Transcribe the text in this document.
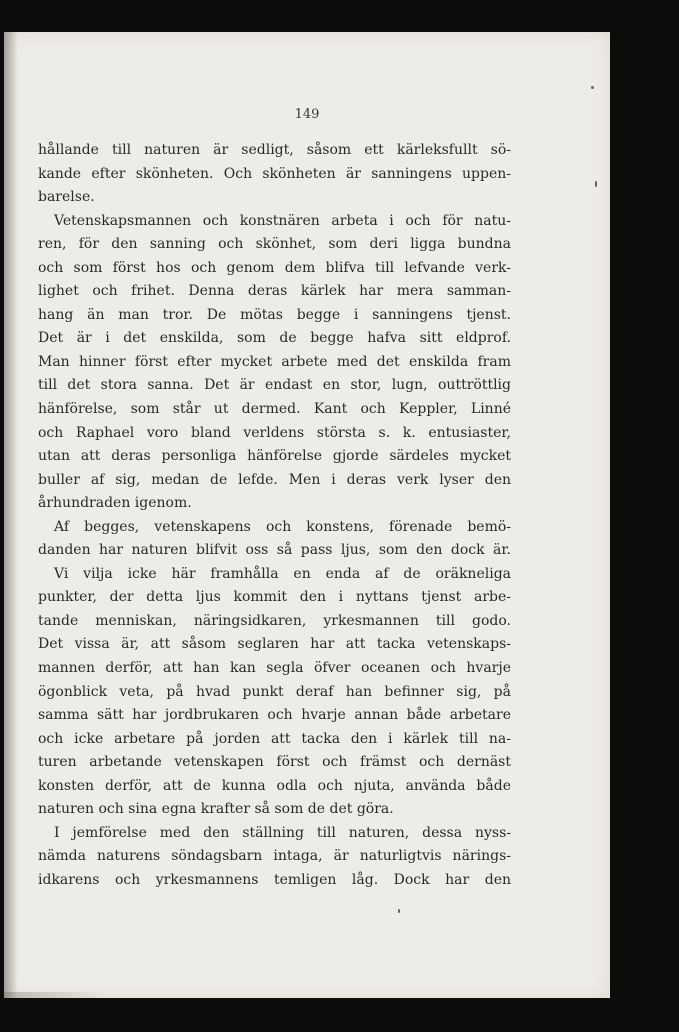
149
hållande till naturen är sedligt, såsom ett kärleksfullt sö-
kande efter skönheten. Och skönheten är sanningens uppen-
barelse.
Vetenskapsmannen och konstnären arbeta i och för natu-
ren, för den sanning och skönhet, som deri ligga bundna
och som först hos och genom dem blifva till lefvande verk-
lighet och frihet. Denna deras kärlek har mera samman-
hang än man tror. De mötas begge i sanningens tjenst.
Det är i det enskilda, som de begge hafva sitt eldprof.
Man hinner först efter mycket arbete med det enskilda fram
till det stora sanna. Det är endast en stor, lugn, outtröttlig
hänförelse, som står ut dermed. Kant och Keppler, Linné
och Raphael voro bland verldens största s. k. entusiaster,
utan att deras personliga hänförelse gjorde särdeles mycket
buller af sig, medan de lefde. Men i deras verk lyser den
århundraden igenom.
Af begges, vetenskapens och konstens, förenade bemö-
danden har naturen blifvit oss så pass ljus, som den dock är.
Vi vilja icke här framhålla en enda af de oräkneliga
punkter, der detta ljus kommit den i nyttans tjenst arbe-
tande menniskan, näringsidkaren, yrkesmannen till godo.
Det vissa är, att såsom seglaren har att tacka vetenskaps-
mannen derför, att han kan segla öfver oceanen och hvarje
ögonblick veta, på hvad punkt deraf han befinner sig, på
samma sätt har jordbrukaren och hvarje annan både arbetare
och icke arbetare på jorden att tacka den i kärlek till na-
turen arbetande vetenskapen först och främst och dernäst
konsten derför, att de kunna odla och njuta, använda både
naturen och sina egna krafter så som de det göra.
I jemförelse med den ställning till naturen, dessa nyss-
nämda naturens söndagsbarn intaga, är naturligtvis närings-
idkarens och yrkesmannens temligen låg. Dock har den
